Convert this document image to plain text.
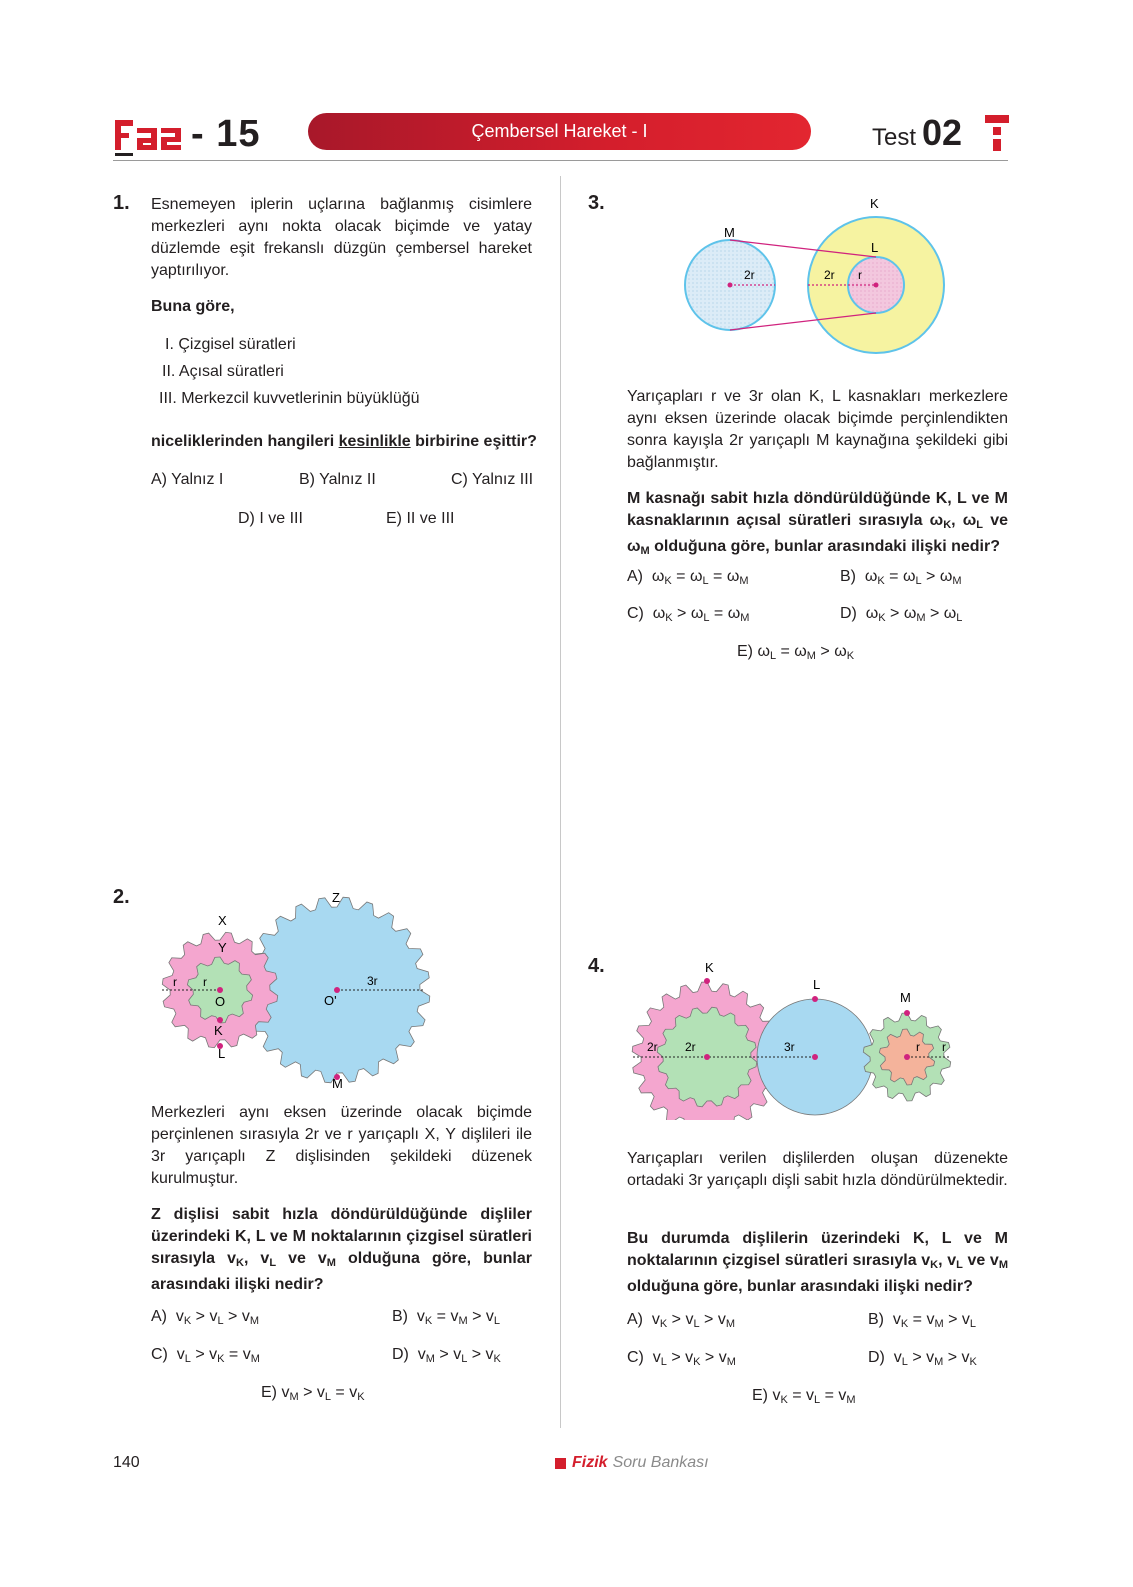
- 15	Çembersel Hareket - I	Test 02
1. Esnemeyen iplerin uçlarına bağlanmış cisimlere merkezleri aynı nokta olacak biçimde ve yatay düzlemde eşit frekanslı düzgün çembersel hareket yaptırılıyor.
Buna göre,
I. Çizgisel süratleri
II. Açısal süratleri
III. Merkezcil kuvvetlerinin büyüklüğü
niceliklerinden hangileri kesinlikle birbirine eşittir?
A) Yalnız I	B) Yalnız II	C) Yalnız III
D) I ve III	E) II ve III
3.	K
M
L
2r	2r r
Yarıçapları r ve 3r olan K, L kasnakları merkezlere aynı eksen üzerinde olacak biçimde perçinlendikten sonra kayışla 2r yarıçaplı M kaynağına şekildeki gibi bağlanmıştır.
M kasnağı sabit hızla döndürüldüğünde K, L ve M kasnaklarının açısal süratleri sırasıyla $\omega_K$, $\omega_L$ ve $\omega_M$ olduğuna göre, bunlar arasındaki ilişki nedir?
A)  $\omega_K = \omega_L = \omega_M$	B)  $\omega_K = \omega_L > \omega_M$
C)  $\omega_K > \omega_L = \omega_M$	D)  $\omega_K > \omega_M > \omega_L$
E) $\omega_L = \omega_M > \omega_K$
2.	Z
X
Y
r r
O	O'
3r
K
L
M
Merkezleri aynı eksen üzerinde olacak biçimde perçinlenen sırasıyla 2r ve r yarıçaplı X, Y dişlileri ile 3r yarıçaplı Z dişlisinden şekildeki düzenek kurulmuştur.
Z dişlisi sabit hızla döndürüldüğünde dişliler üzerindeki K, L ve M noktalarının çizgisel süratleri sırasıyla $v_K$, $v_L$ ve $v_M$ olduğuna göre, bunlar arasındaki ilişki nedir?
A)  $v_K > v_L > v_M$	B)  $v_K = v_M > v_L$
C)  $v_L > v_K = v_M$	D)  $v_M > v_L > v_K$
E) $v_M > v_L = v_K$
4.	K
L
M
2r 2r	3r	r r
Yarıçapları verilen dişlilerden oluşan düzenekte ortadaki 3r yarıçaplı dişli sabit hızla döndürülmektedir.
Bu durumda dişlilerin üzerindeki K, L ve M noktalarının çizgisel süratleri sırasıyla $v_K$, $v_L$ ve $v_M$ olduğuna göre, bunlar arasındaki ilişki nedir?
A)  $v_K > v_L > v_M$	B)  $v_K = v_M > v_L$
C)  $v_L > v_K > v_M$	D)  $v_L > v_M > v_K$
E) $v_K = v_L = v_M$
140	Fizik Soru Bankası
